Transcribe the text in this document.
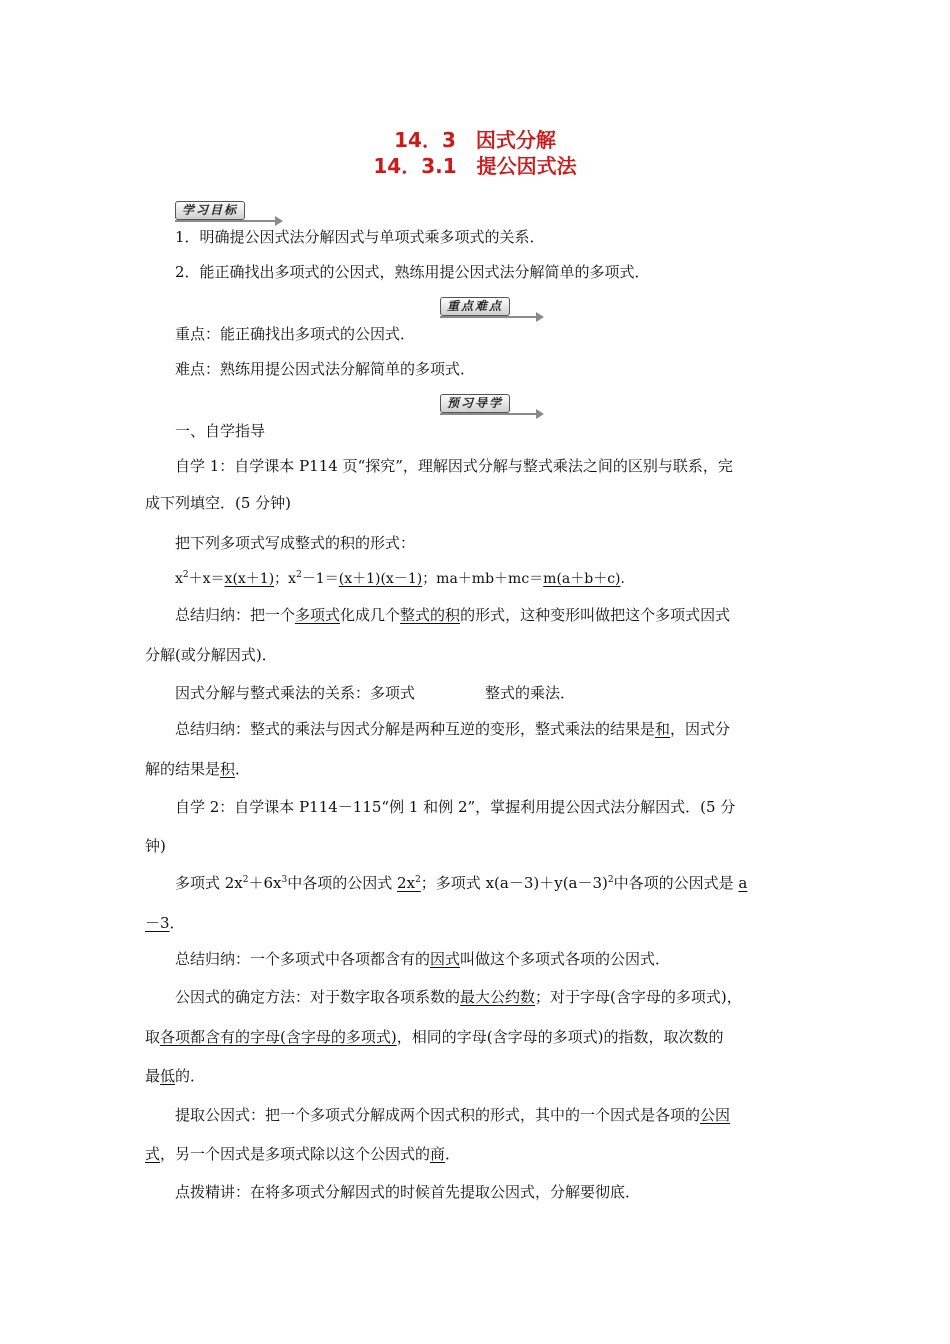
14．3　因式分解
14．3.1　提公因式法
学习目标
1．明确提公因式法分解因式与单项式乘多项式的关系．
2．能正确找出多项式的公因式，熟练用提公因式法分解简单的多项式．
重点难点
重点：能正确找出多项式的公因式．
难点：熟练用提公因式法分解简单的多项式．
预习导学
一、自学指导
自学 1：自学课本 P114 页“探究”，理解因式分解与整式乘法之间的区别与联系，完
成下列填空．(5 分钟)
把下列多项式写成整式的积的形式：
$x^2+x=x(x+1)$；$x^2-1=(x+1)(x-1)$；ma＋mb＋mc＝m(a＋b＋c)．
总结归纳：把一个多项式化成几个整式的积的形式，这种变形叫做把这个多项式因式
分解(或分解因式)．
因式分解与整式乘法的关系：多项式	整式的乘法．
总结归纳：整式的乘法与因式分解是两种互逆的变形，整式乘法的结果是和，因式分
解的结果是积．
自学 2：自学课本 P114－115“例 1 和例 2”，掌握利用提公因式法分解因式．(5 分
钟)
多项式 $2x^2+6x^3$中各项的公因式 $2x^2$；多项式 $x(a-3)+y(a-3)^2$中各项的公因式是 a
－3．
总结归纳：一个多项式中各项都含有的因式叫做这个多项式各项的公因式．
公因式的确定方法：对于数字取各项系数的最大公约数；对于字母(含字母的多项式)，
取各项都含有的字母(含字母的多项式)，相同的字母(含字母的多项式)的指数，取次数的
最低的．
提取公因式：把一个多项式分解成两个因式积的形式，其中的一个因式是各项的公因
式，另一个因式是多项式除以这个公因式的商．
点拨精讲：在将多项式分解因式的时候首先提取公因式，分解要彻底．
